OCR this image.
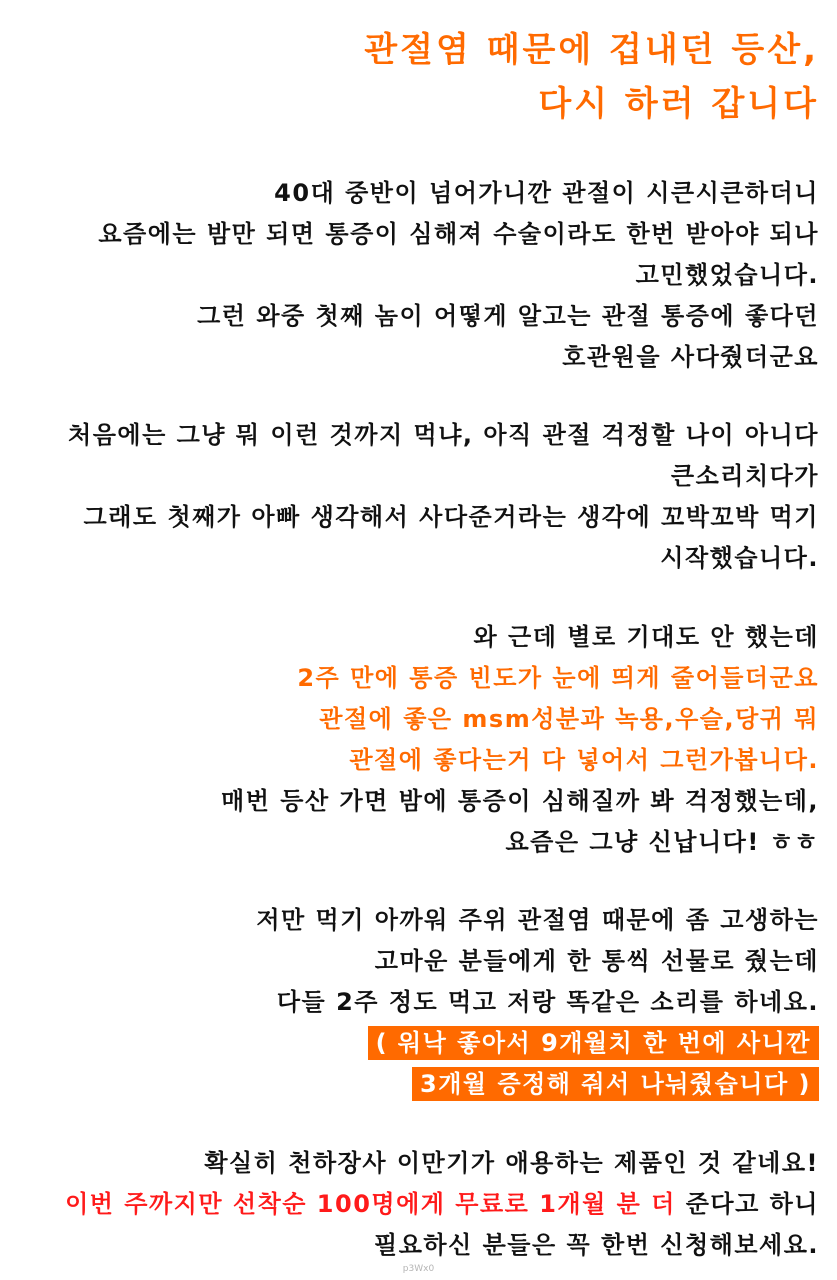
관절염 때문에 겁내던 등산,
다시 하러 갑니다
40대 중반이 넘어가니깐 관절이 시큰시큰하더니
요즘에는 밤만 되면 통증이 심해져 수술이라도 한번 받아야 되나
고민했었습니다.
그런 와중 첫째 놈이 어떻게 알고는 관절 통증에 좋다던
호관원을 사다줬더군요
처음에는 그냥 뭐 이런 것까지 먹냐, 아직 관절 걱정할 나이 아니다
큰소리치다가
그래도 첫째가 아빠 생각해서 사다준거라는 생각에 꼬박꼬박 먹기
시작했습니다.
와 근데 별로 기대도 안 했는데
2주 만에 통증 빈도가 눈에 띄게 줄어들더군요
관절에 좋은 msm성분과 녹용,우슬,당귀 뭐
관절에 좋다는거 다 넣어서 그런가봅니다.
매번 등산 가면 밤에 통증이 심해질까 봐 걱정했는데,
요즘은 그냥 신납니다! ㅎㅎ
저만 먹기 아까워 주위 관절염 때문에 좀 고생하는
고마운 분들에게 한 통씩 선물로 줬는데
다들 2주 정도 먹고 저랑 똑같은 소리를 하네요.
( 워낙 좋아서 9개월치 한 번에 사니깐
3개월 증정해 줘서 나눠줬습니다 )
확실히 천하장사 이만기가 애용하는 제품인 것 같네요!
이번 주까지만 선착순 100명에게 무료로 1개월 분 더 준다고 하니
필요하신 분들은 꼭 한번 신청해보세요.
p3Wx0
